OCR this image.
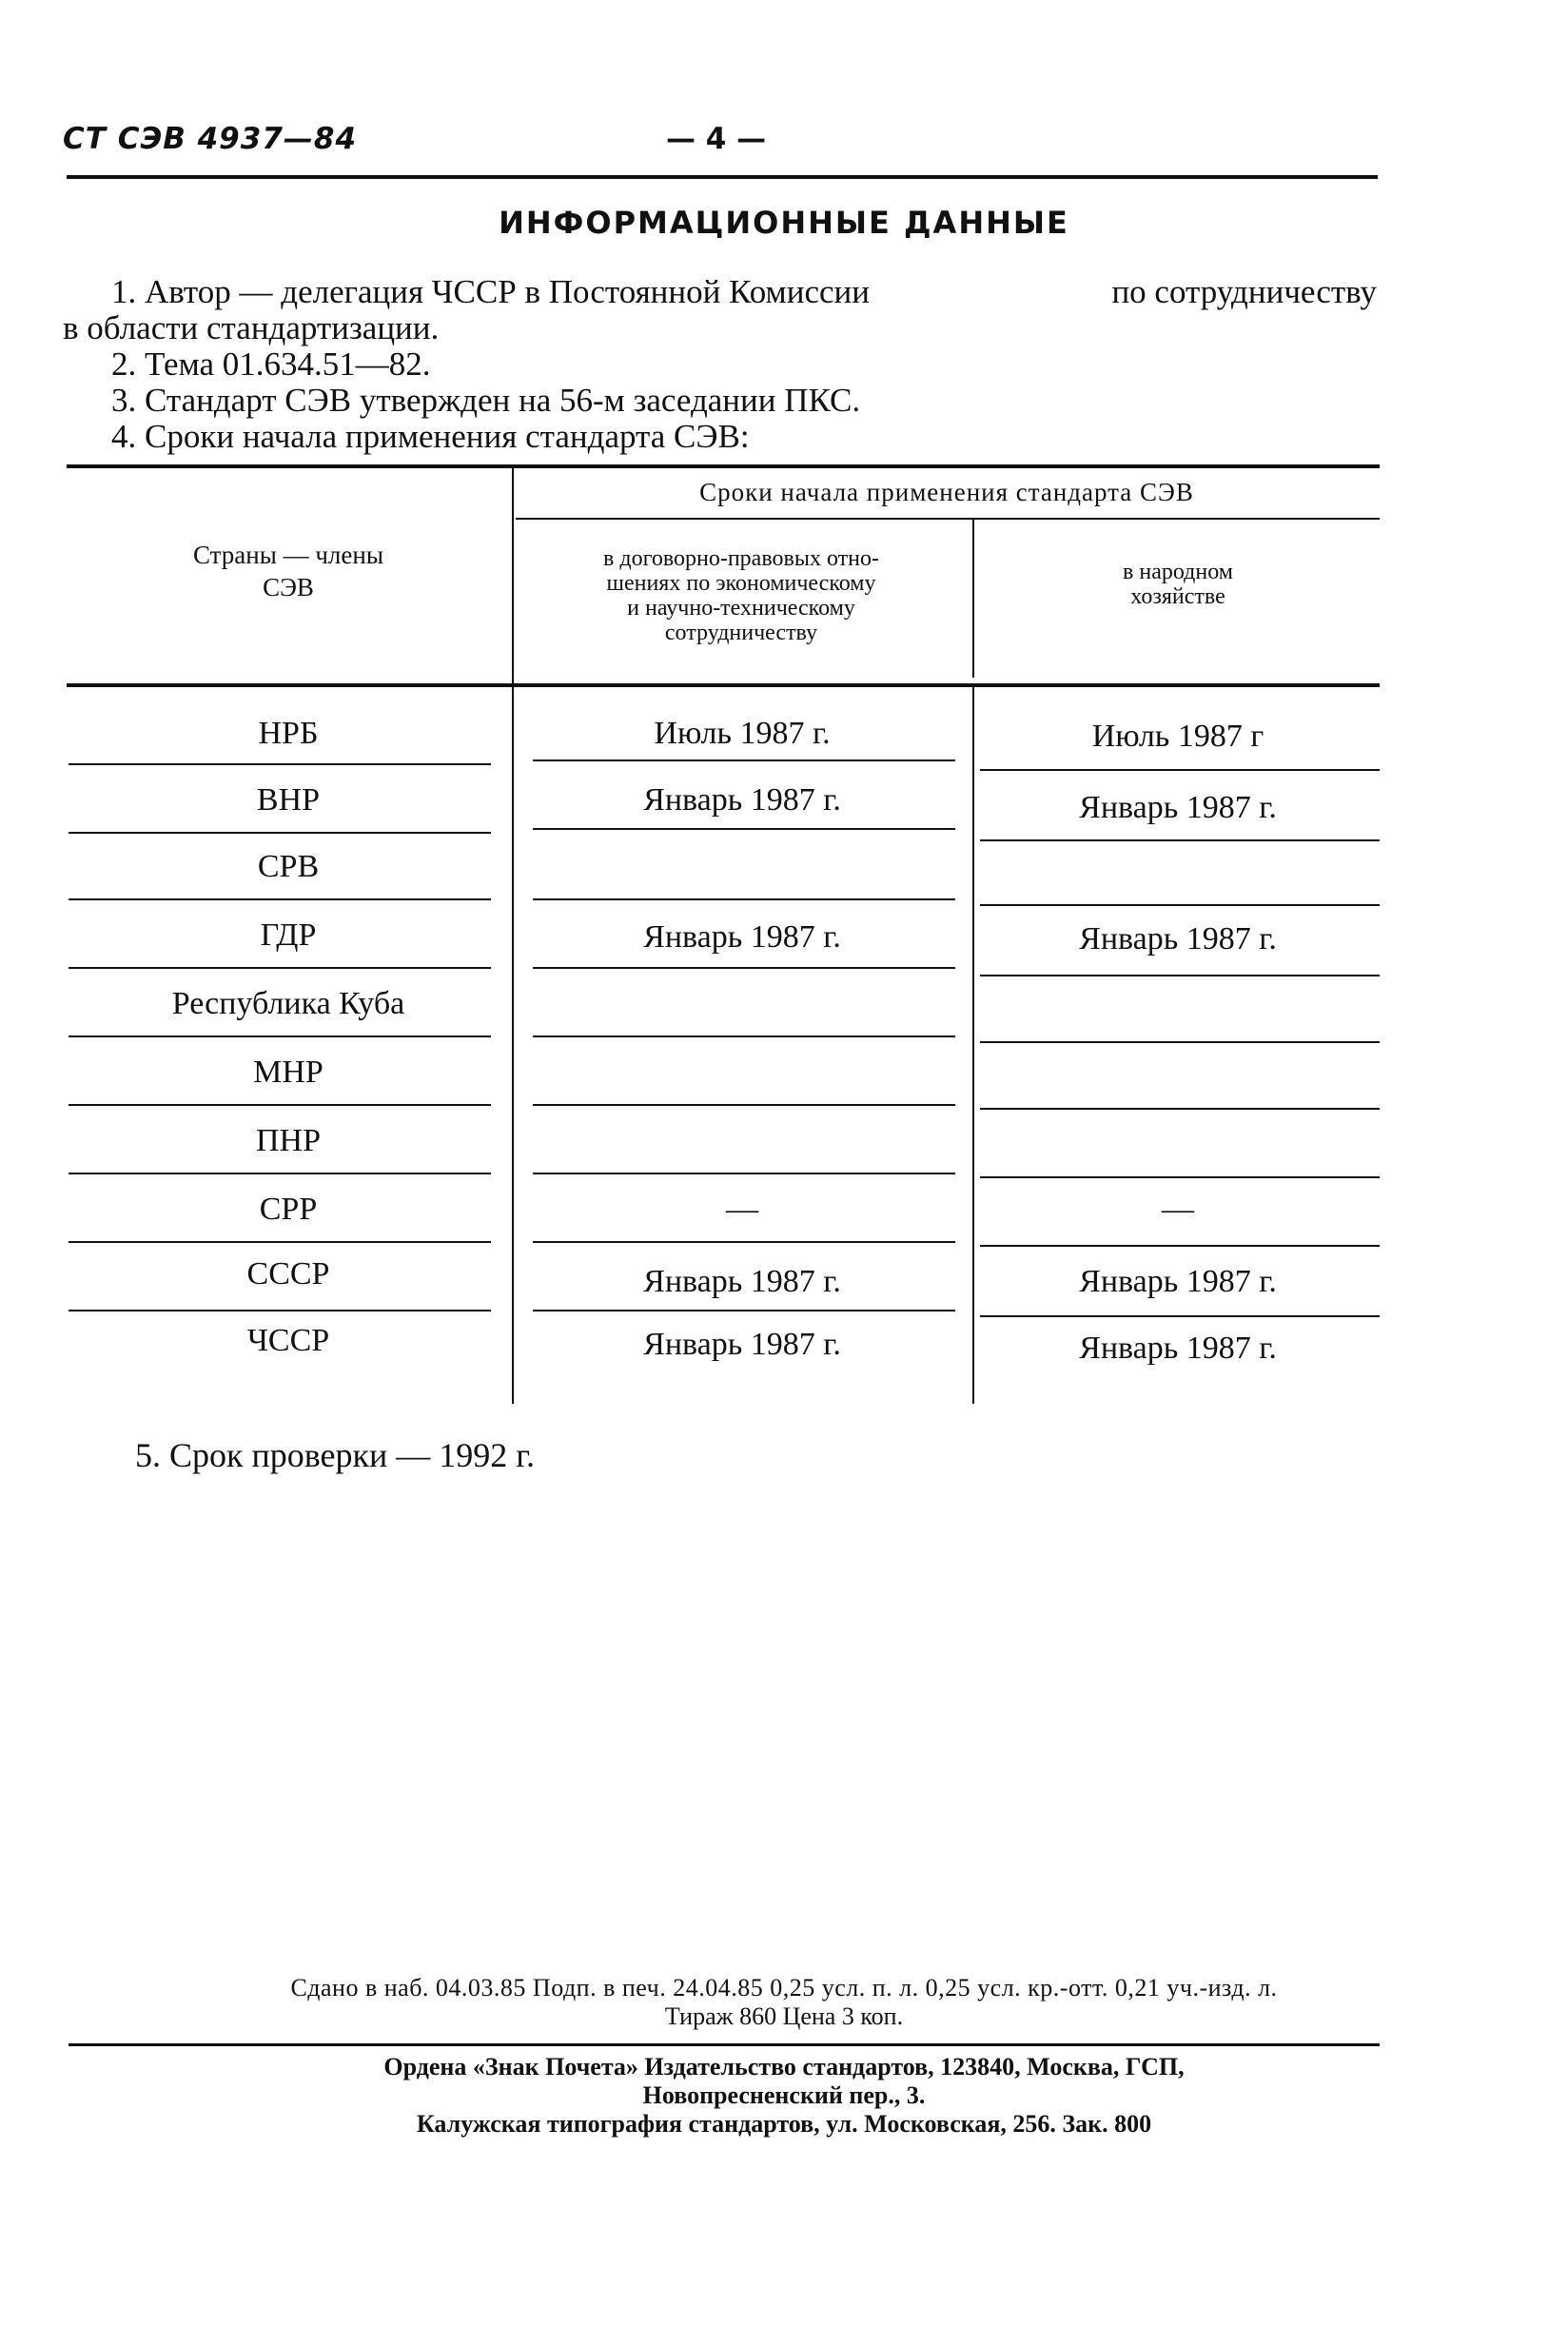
СТ СЭВ 4937—84	— 4 —
ИНФОРМАЦИОННЫЕ ДАННЫЕ
1. Автор — делегация ЧССР в Постоянной Комиссии	по сотрудничеству
в области стандартизации.
2. Тема 01.634.51—82.
3. Стандарт СЭВ утвержден на 56-м заседании ПКС.
4. Сроки начала применения стандарта СЭВ:
Сроки начала применения стандарта СЭВ
Страны — члены
СЭВ
в договорно-правовых отно-
шениях по экономическому
и научно-техническому
сотрудничеству
в народном
хозяйстве
НРБ	Июль 1987 г.	Июль 1987 г
ВНР	Январь 1987 г.	Январь 1987 г.
СРВ
ГДР	Январь 1987 г.	Январь 1987 г.
Республика Куба
МНР
ПНР
СРР	—	—
СССР	Январь 1987 г.	Январь 1987 г.
ЧССР	Январь 1987 г.	Январь 1987 г.
5. Срок проверки — 1992 г.
Сдано в наб. 04.03.85 Подп. в печ. 24.04.85 0,25 усл. п. л. 0,25 усл. кр.-отт. 0,21 уч.-изд. л.
Тираж 860 Цена 3 коп.
Ордена «Знак Почета» Издательство стандартов, 123840, Москва, ГСП,
Новопресненский пер., 3.
Калужская типография стандартов, ул. Московская, 256. Зак. 800
